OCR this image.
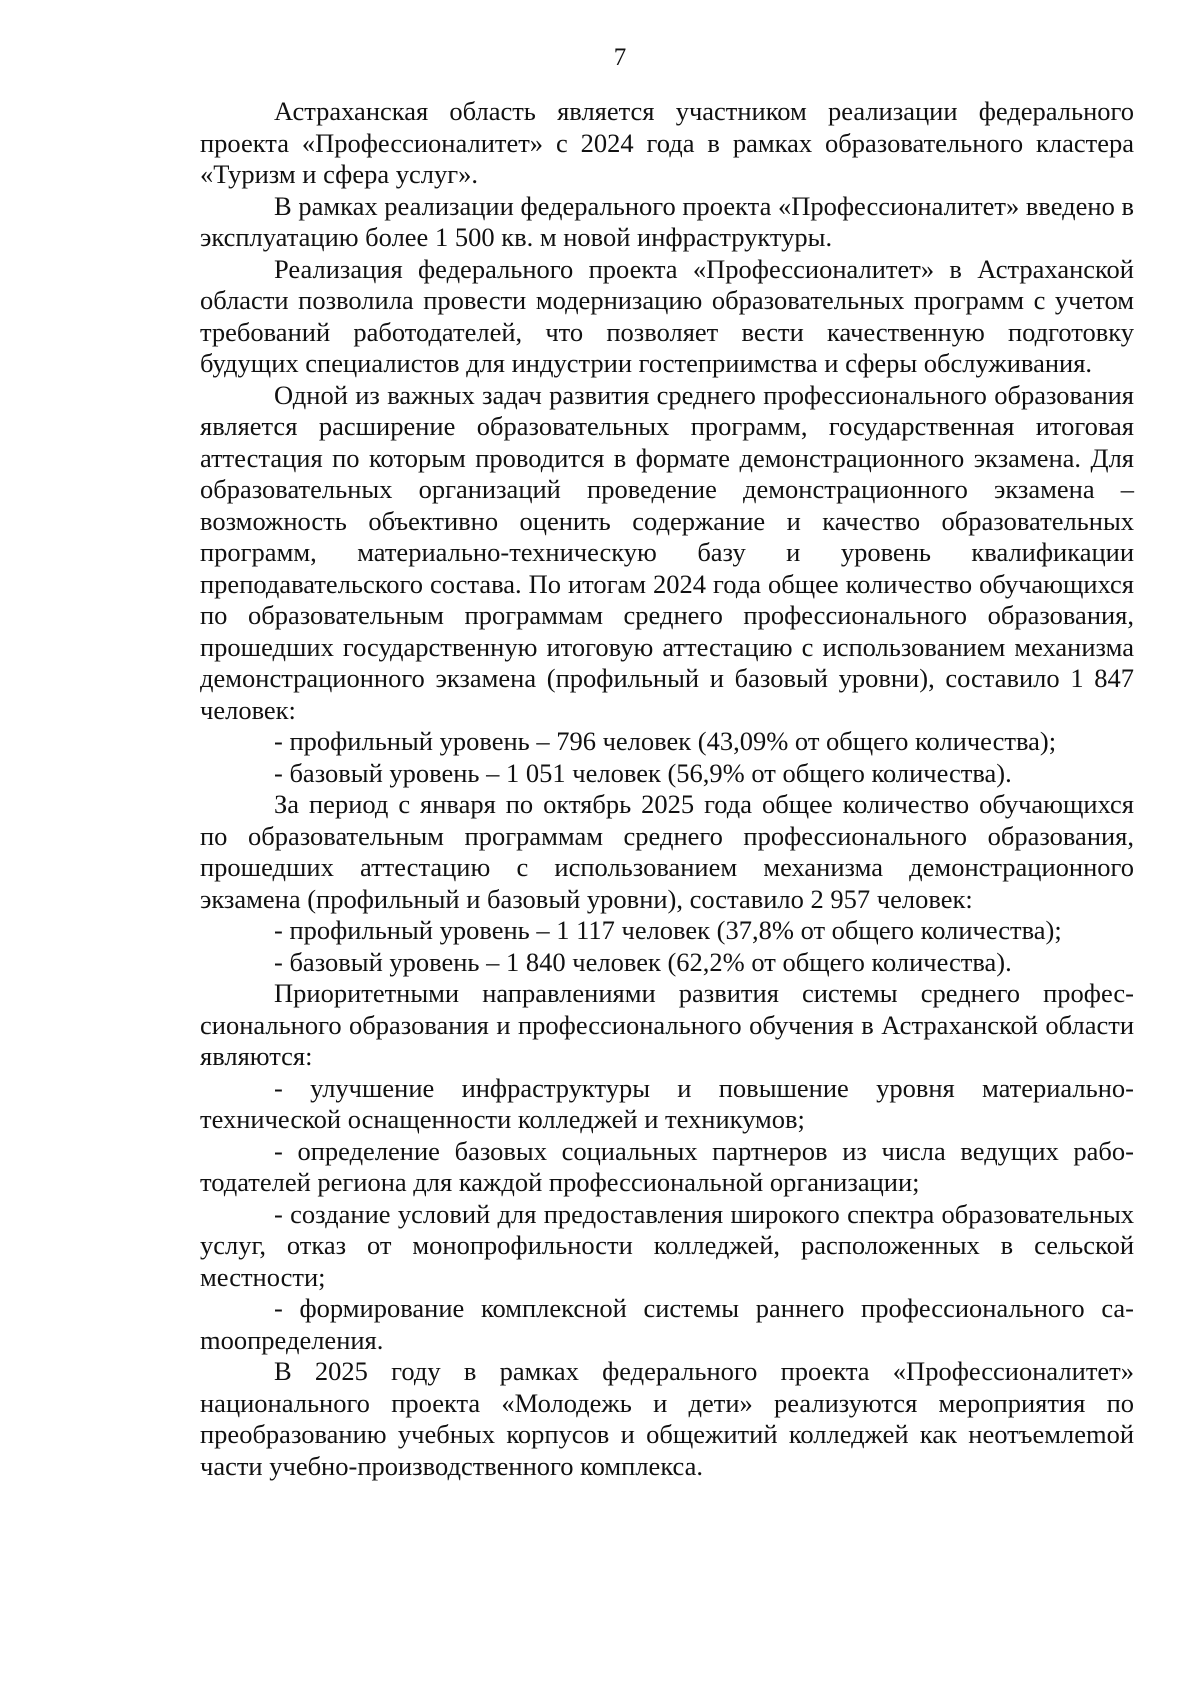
7

Астраханская область является участником реализации федерального проекта «Профессионалитет» с 2024 года в рамках образовательного кластера «Туризм и сфера услуг».

В рамках реализации федерального проекта «Профессионалитет» введено в эксплуатацию более 1 500 кв. м новой инфраструктуры.

Реализация федерального проекта «Профессионалитет» в Астраханской области позволила провести модернизацию образовательных программ с учетом требований работодателей, что позволяет вести качественную подготовку будущих специалистов для индустрии гостеприимства и сферы обслуживания.

Одной из важных задач развития среднего профессионального образования является расширение образовательных программ, государственная итоговая аттестация по которым проводится в формате демонстрационного экзамена. Для образовательных организаций проведение демонстрационного экзамена – возможность объективно оценить содержание и качество образовательных программ, материально-техническую базу и уровень квалификации преподавательского состава. По итогам 2024 года общее количество обучающихся по образовательным программам среднего профессионального образования, прошедших государственную итоговую аттестацию с использованием механизма демонстрационного экзамена (профильный и базовый уровни), составило 1 847 человек:

- профильный уровень – 796 человек (43,09% от общего количества);

- базовый уровень – 1 051 человек (56,9% от общего количества).

За период с января по октябрь 2025 года общее количество обучающихся по образовательным программам среднего профессионального образования, прошедших аттестацию с использованием механизма демонстрационного экзамена (профильный и базовый уровни), составило 2 957 человек:

- профильный уровень – 1 117 человек (37,8% от общего количества);

- базовый уровень – 1 840 человек (62,2% от общего количества).

Приоритетными направлениями развития системы среднего профессионального образования и профессионального обучения в Астраханской области являются:

- улучшение инфраструктуры и повышение уровня материально-технической оснащенности колледжей и техникумов;

- определение базовых социальных партнеров из числа ведущих работодателей региона для каждой профессиональной организации;

- создание условий для предоставления широкого спектра образовательных услуг, отказ от монопрофильности колледжей, расположенных в сельской местности;

- формирование комплексной системы раннего профессионального саmоопределения.

В 2025 году в рамках федерального проекта «Профессионалитет» национального проекта «Молодежь и дети» реализуются мероприятия по преобразованию учебных корпусов и общежитий колледжей как неотъемлеmой части учебно-производственного комплекса.
